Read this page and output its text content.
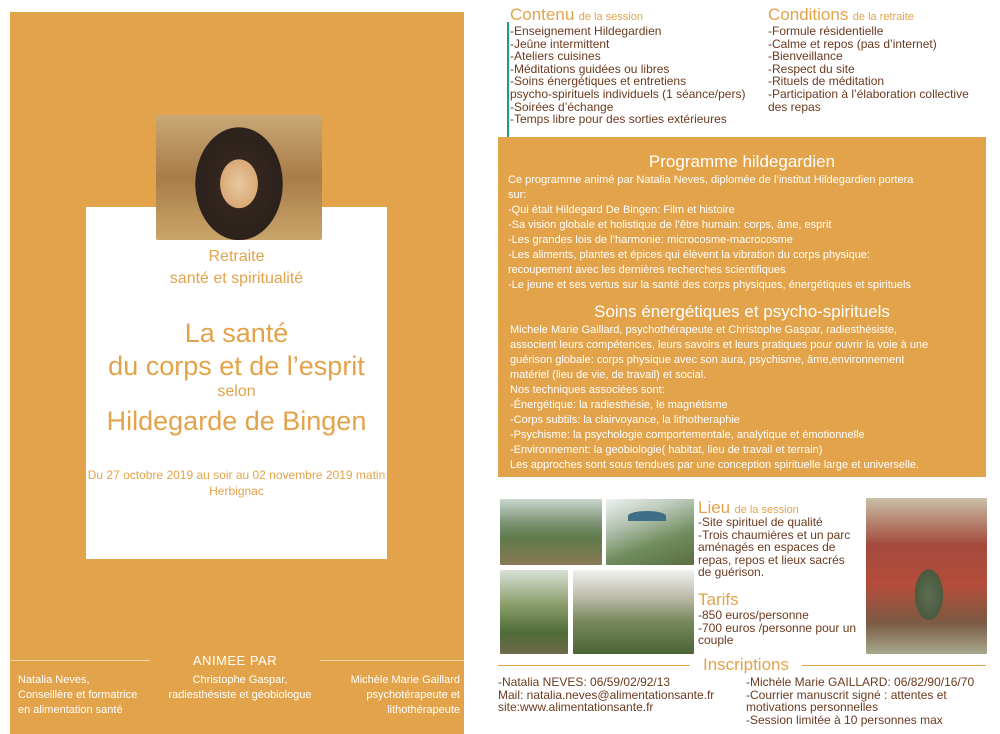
Retraite
santé et spiritualité
La santé
du corps et de l’esprit
selon
Hildegarde de Bingen
Du 27 octobre 2019 au soir au 02 novembre 2019 matin
Herbignac
ANIMEE PAR
Natalia Neves,
Conseillère et formatrice
en alimentation santé
Christophe Gaspar,
radiesthésiste et géobiologue
Michèle Marie Gaillard
psychotérapeute et
lithothérapeute
Contenu de la session
-Enseignement Hildegardien
-Jeûne intermittent
-Ateliers cuisines
-Méditations guidées ou libres
-Soins énergétiques et entretiens
psycho-spirituels individuels (1 séance/pers)
-Soirées d’échange
-Temps libre pour des sorties extérieures
Conditions de la retraite
-Formule résidentielle
-Calme et repos (pas d’internet)
-Bienveillance
-Respect du site
-Rituels de méditation
-Participation à l’élaboration collective
des repas
Programme hildegardien
Ce programme animé par Natalia Neves, diplomée de l’institut Hildegardien portera
sur:
-Qui était Hildegard De Bingen: Film et histoire
-Sa vision globale et holistique de l’être humain: corps, âme, esprit
-Les grandes lois de l’harmonie: microcosme-macrocosme
-Les aliments, plantes et épices qui élèvent la vibration du corps physique:
recoupement avec les dernières recherches scientifiques
-Le jeune et ses vertus sur la santé des corps physiques, énergétiques et spirituels
Soins énergétiques et psycho-spirituels
Michele Marie Gaillard, psychothérapeute et Christophe Gaspar, radiesthésiste,
associent leurs compétences, leurs savoirs et leurs pratiques pour ouvrir la voie à une
guérison globale: corps physique avec son aura, psychisme, âme,environnement
matériel (lieu de vie, de travail) et social.
Nos techniques associées sont:
-Énergétique: la radiesthésie, le magnétisme
-Corps subtils: la clairvoyance, la lithotheraphie
-Psychisme: la psychologie comportementale, analytique et émotionnelle
-Environnement: la geobiologie( habitat, lieu de travail et terrain)
Les approches sont sous tendues par une conception spirituelle large et universelle.
Lieu de la session
-Site spirituel de qualité
-Trois chaumières et un parc
aménagés en espaces de
repas, repos et lieux sacrés
de guérison.
Tarifs
-850 euros/personne
-700 euros /personne pour un
couple
Inscriptions
-Natalia NEVES: 06/59/02/92/13
Mail: natalia.neves@alimentationsante.fr
site:www.alimentationsante.fr
-Michèle Marie GAILLARD: 06/82/90/16/70
-Courrier manuscrit signé : attentes et
motivations personnelles
-Session limitée à 10 personnes max
